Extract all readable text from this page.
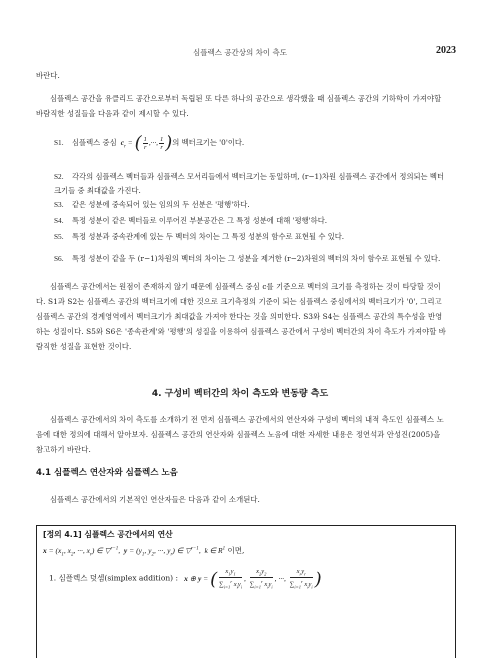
심플렉스 공간상의 차이 측도	2023
바란다.
심플렉스 공간을 유클리드 공간으로부터 독립된 또 다른 하나의 공간으로 생각했을 때 심플렉스 공간의 기하학이 가져야할 바람직한 성질들을 다음과 같이 제시할 수 있다.
S1. 심플렉스 중심 $c_r$ = ( $\frac{1}{r}$ ,···, $\frac{1}{r}$ )의 벡터크기는 '0'이다.
S2. 각각의 심플렉스 벡터들과 심플렉스 모서리들에서 벡터크기는 동일하며, (r−1)차원 심플렉스 공간에서 정의되는 벡터크기들 중 최대값을 가진다.
S3. 같은 성분에 중속되어 있는 임의의 두 선분은 '평행'하다.
S4. 특정 성분이 같은 벡터들로 이루어진 부분공간은 그 특정 성분에 대해 '평행'하다.
S5. 특정 성분과 중속관계에 있는 두 벡터의 차이는 그 특정 성분의 함수로 표현될 수 있다.
S6. 특정 성분이 같을 두 (r−1)차원의 벡터의 차이는 그 성분을 제거한 (r−2)차원의 벡터의 차이 함수로 표현될 수 있다.
심플렉스 공간에서는 원점이 존재하지 않기 때문에 심플렉스 중심 c를 기준으로 벡터의 크기를 측정하는 것이 타당할 것이다. S1과 S2는 심플렉스 공간의 벡터크기에 대한 것으로 크기측정의 기준이 되는 심플렉스 중심에서의 벡터크기가 '0', 그리고 심플렉스 공간의 경계영역에서 벡터크기가 최대값을 가져야 한다는 것을 의미한다. S3와 S4는 심플렉스 공간의 특수성을 반영하는 성질이다. S5와 S6은 '종속관계'와 '평행'의 성질을 이용하여 심플렉스 공간에서 구성비 벡터간의 차이 측도가 가져야할 바람직한 성질을 표현한 것이다.
4. 구성비 벡터간의 차이 측도와 변동량 측도
심플렉스 공간에서의 차이 측도를 소개하기 전 먼저 심플렉스 공간에서의 연산자와 구성비 벡터의 내적 측도인 심플렉스 노음에 대한 정의에 대해서 알아보자. 심플렉스 공간의 연산자와 심플렉스 노음에 대한 자세한 내용은 정연석과 안성진(2005)을 참고하기 바란다.
4.1 심플렉스 연산자와 심플렉스 노음
심플렉스 공간에서의 기본적인 연산자들은 다음과 같이 소개된다.
[정의 4.1] 심플렉스 공간에서의 연산
$x = (x_1$, $x_2$, ···, $x_r$) ∈ ▽$^{r-1}$,  $y = (y_1$, $y_2$, ···, $y_r$) ∈ ▽$^{r-1}$,  k ∈ $R^1$ 이면,
1. 심플렉스 덧셈(simplex addition) : x ⊕ y = (	$x_1y_1$
$\sum_{i=1}^r$ $x_iy_i$
,
$x_2y_2$
$\sum_{i=1}^r$ $x_iy_i$
, ···,
$x_ry_r$
$\sum_{i=1}^r$ $x_iy_i$ )
